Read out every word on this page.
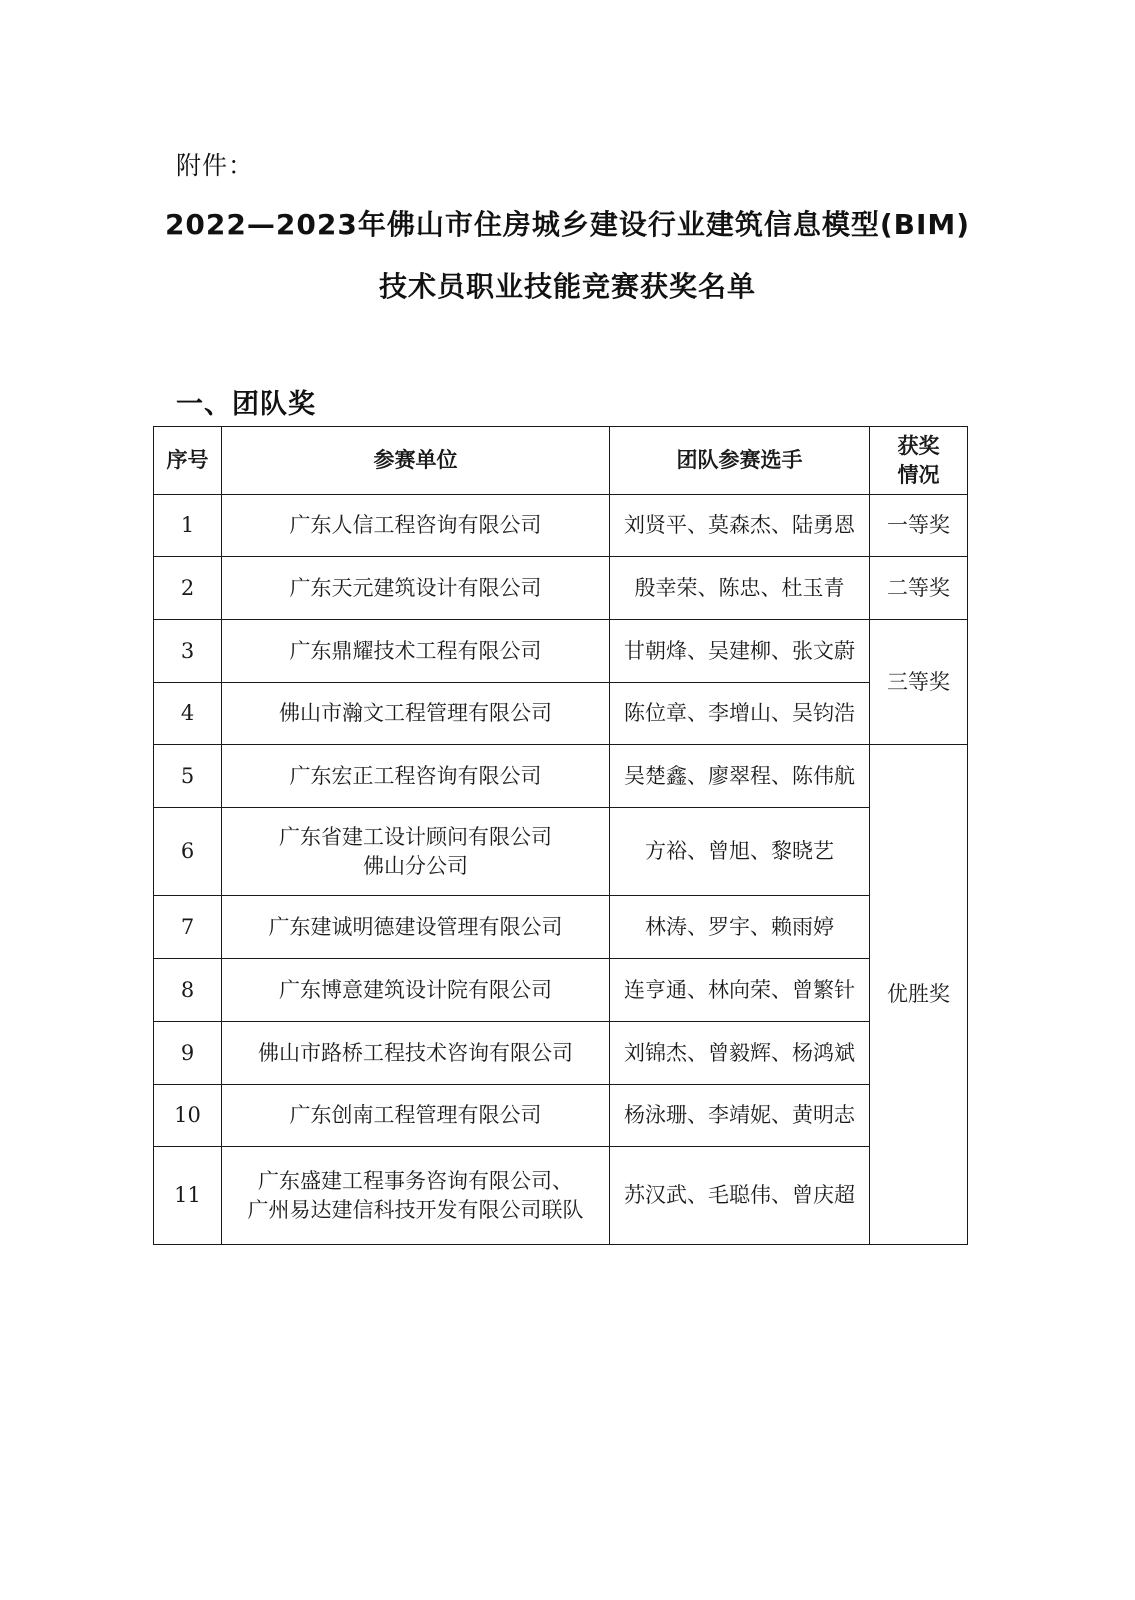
附件：
2022—2023年佛山市住房城乡建设行业建筑信息模型(BIM)
技术员职业技能竞赛获奖名单
一、团队奖
序号	参赛单位	团队参赛选手	获奖
情况

1	广东人信工程咨询有限公司	刘贤平、莫森杰、陆勇恩	一等奖
2	广东天元建筑设计有限公司	殷幸荣、陈忠、杜玉青	二等奖
3	广东鼎耀技术工程有限公司	甘朝烽、吴建柳、张文蔚	三等奖
4	佛山市瀚文工程管理有限公司	陈位章、李增山、吴钧浩	
5	广东宏正工程咨询有限公司	吴楚鑫、廖翠程、陈伟航	优胜奖
6	广东省建工设计顾问有限公司
佛山分公司	方裕、曾旭、黎晓艺	
7	广东建诚明德建设管理有限公司	林涛、罗宇、赖雨婷	
8	广东博意建筑设计院有限公司	连亨通、林向荣、曾繁针	
9	佛山市路桥工程技术咨询有限公司	刘锦杰、曾毅辉、杨鸿斌	
10	广东创南工程管理有限公司	杨泳珊、李靖妮、黄明志	
11	广东盛建工程事务咨询有限公司、
广州易达建信科技开发有限公司联队	苏汉武、毛聪伟、曾庆超	
